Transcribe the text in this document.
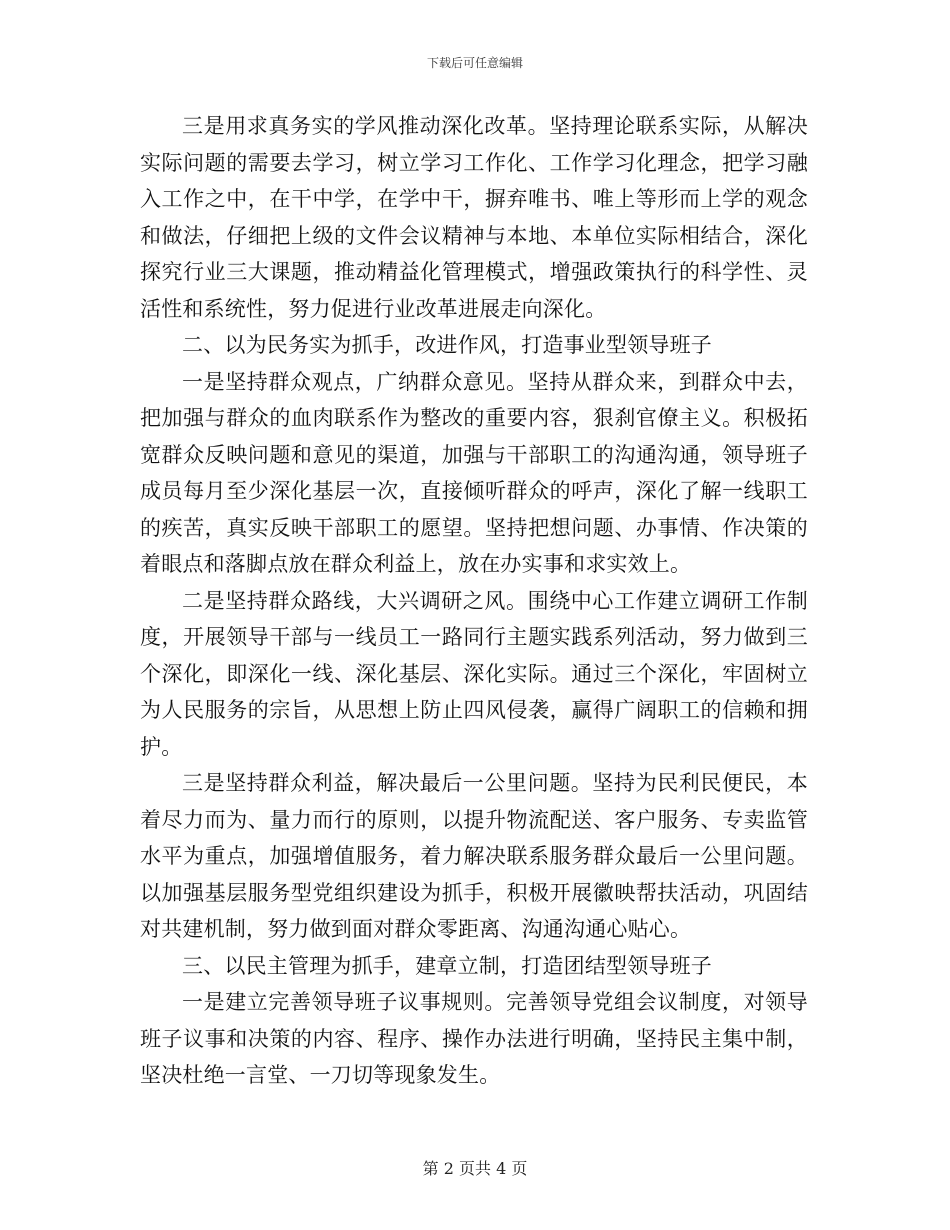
下载后可任意编辑

三是用求真务实的学风推动深化改革。坚持理论联系实际，从解决实际问题的需要去学习，树立学习工作化、工作学习化理念，把学习融入工作之中，在干中学，在学中干，摒弃唯书、唯上等形而上学的观念和做法，仔细把上级的文件会议精神与本地、本单位实际相结合，深化探究行业三大课题，推动精益化管理模式，增强政策执行的科学性、灵活性和系统性，努力促进行业改革进展走向深化。

二、以为民务实为抓手，改进作风，打造事业型领导班子

一是坚持群众观点，广纳群众意见。坚持从群众来，到群众中去，把加强与群众的血肉联系作为整改的重要内容，狠刹官僚主义。积极拓宽群众反映问题和意见的渠道，加强与干部职工的沟通沟通，领导班子成员每月至少深化基层一次，直接倾听群众的呼声，深化了解一线职工的疾苦，真实反映干部职工的愿望。坚持把想问题、办事情、作决策的着眼点和落脚点放在群众利益上，放在办实事和求实效上。

二是坚持群众路线，大兴调研之风。围绕中心工作建立调研工作制度，开展领导干部与一线员工一路同行主题实践系列活动，努力做到三个深化，即深化一线、深化基层、深化实际。通过三个深化，牢固树立为人民服务的宗旨，从思想上防止四风侵袭，赢得广阔职工的信赖和拥护。

三是坚持群众利益，解决最后一公里问题。坚持为民利民便民，本着尽力而为、量力而行的原则，以提升物流配送、客户服务、专卖监管水平为重点，加强增值服务，着力解决联系服务群众最后一公里问题。以加强基层服务型党组织建设为抓手，积极开展徽映帮扶活动，巩固结对共建机制，努力做到面对群众零距离、沟通沟通心贴心。

三、以民主管理为抓手，建章立制，打造团结型领导班子

一是建立完善领导班子议事规则。完善领导党组会议制度，对领导班子议事和决策的内容、程序、操作办法进行明确，坚持民主集中制，坚决杜绝一言堂、一刀切等现象发生。

第 2 页共 4 页
